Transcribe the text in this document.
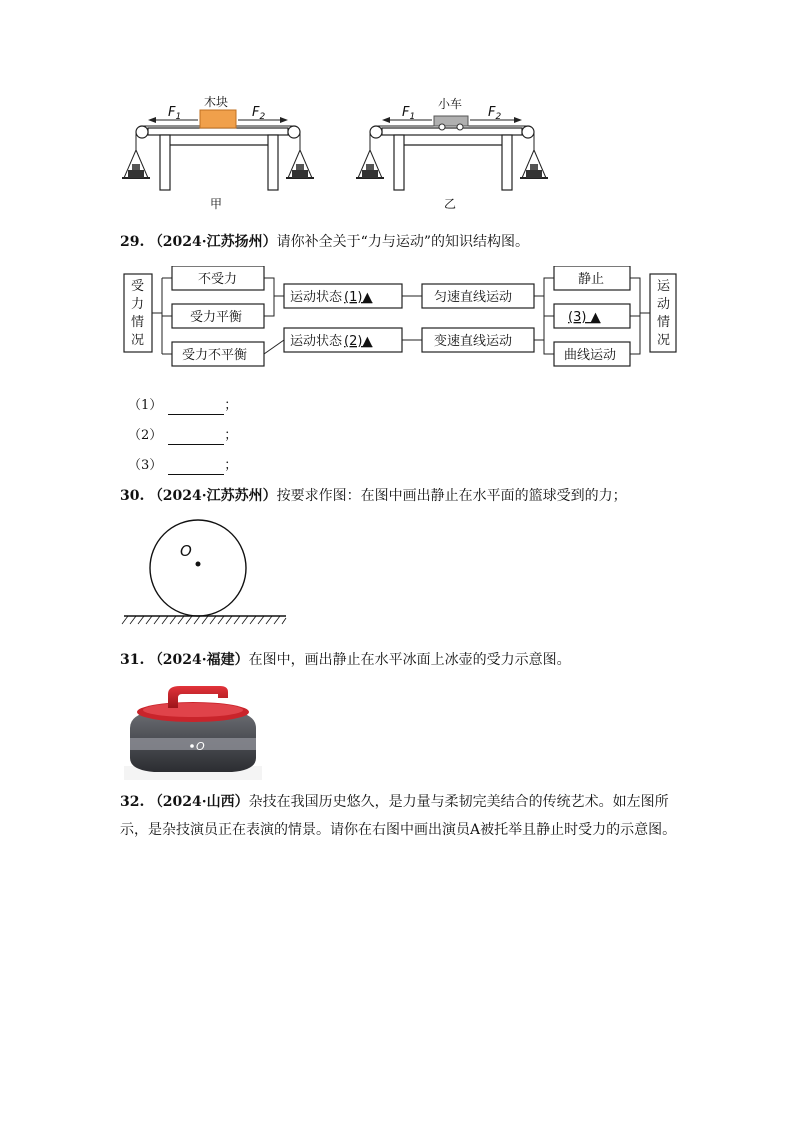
木块
$F_1$	$F_2$
甲
小车
$F_1$	$F_2$
乙
29. （2024·江苏扬州）请你补全关于“力与运动”的知识结构图。
受
力
情
况
不受力
受力平衡
受力不平衡
运动状态 (1)▲
运动状态 (2)▲
匀速直线运动
变速直线运动
静止
(3) ▲
曲线运动
运
动
情
况
（1）	；
（2）	；
（3）	；
30. （2024·江苏苏州）按要求作图：在图中画出静止在水平面的篮球受到的力；
O
31. （2024·福建）在图中，画出静止在水平冰面上冰壶的受力示意图。
O
32. （2024·山西）杂技在我国历史悠久，是力量与柔韧完美结合的传统艺术。如左图所示，是杂技演员正在表演的情景。请你在右图中画出演员A被托举且静止时受力的示意图。
